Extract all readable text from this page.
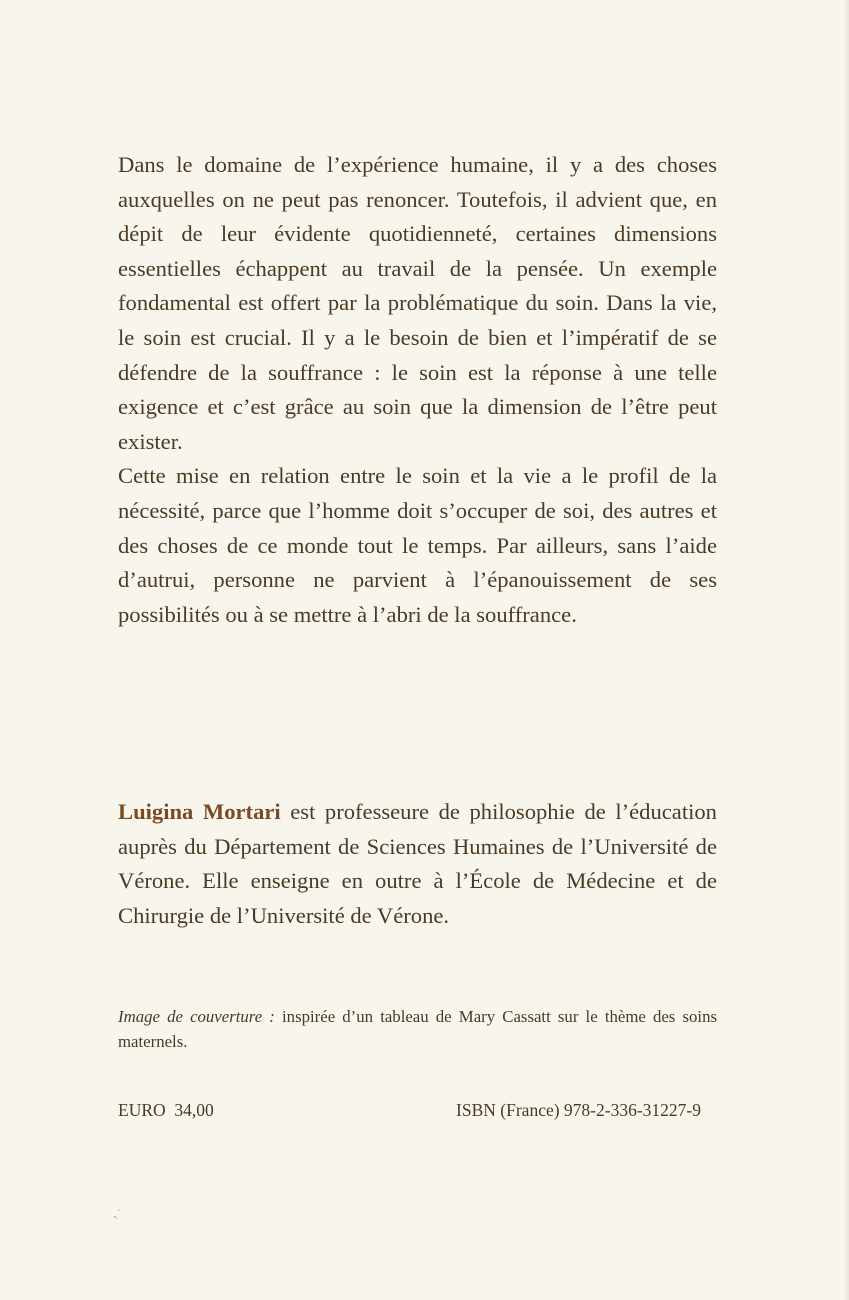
Dans le domaine de l’expérience humaine, il y a des choses auxquelles on ne peut pas renoncer. Toutefois, il advient que, en dépit de leur évidente quotidienneté, certaines dimensions essentielles échappent au travail de la pensée. Un exemple fondamental est offert par la problématique du soin. Dans la vie, le soin est crucial. Il y a le besoin de bien et l’impératif de se défendre de la souffrance : le soin est la réponse à une telle exigence et c’est grâce au soin que la dimension de l’être peut exister.

Cette mise en relation entre le soin et la vie a le profil de la nécessité, parce que l’homme doit s’occuper de soi, des autres et des choses de ce monde tout le temps. Par ailleurs, sans l’aide d’autrui, personne ne parvient à l’épanouissement de ses possibilités ou à se mettre à l’abri de la souffrance.

Luigina Mortari est professeure de philosophie de l’éducation auprès du Département de Sciences Humaines de l’Université de Vérone. Elle enseigne en outre à l’École de Médecine et de Chirurgie de l’Université de Vérone.

Image de couverture : inspirée d’un tableau de Mary Cassatt sur le thème des soins maternels.

EURO  34,00	ISBN (France) 978-2-336-31227-9
